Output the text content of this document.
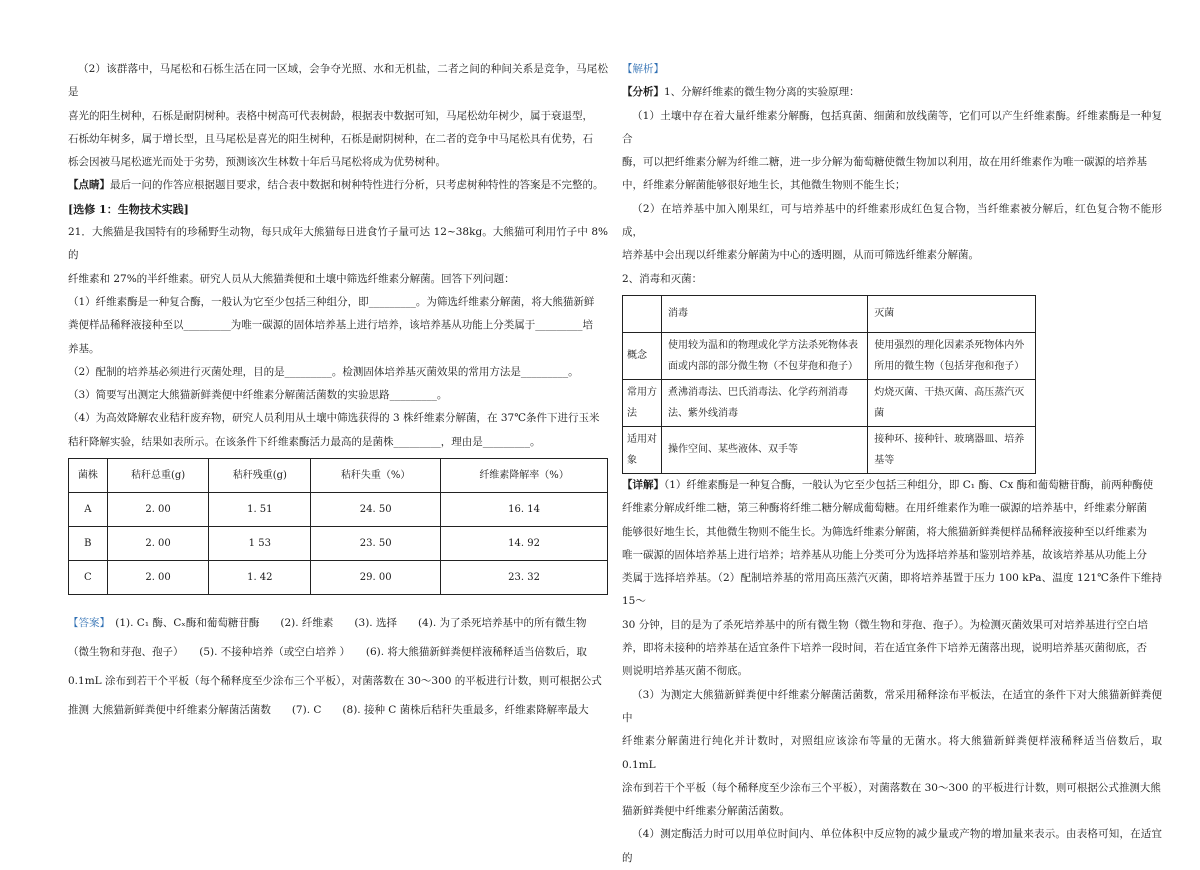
（2）该群落中，马尾松和石栎生活在同一区域，会争夺光照、水和无机盐，二者之间的种间关系是竞争，马尾松是

喜光的阳生树种，石栎是耐阴树种。表格中树高可代表树龄，根据表中数据可知，马尾松幼年树少，属于衰退型，

石栎幼年树多，属于增长型，且马尾松是喜光的阳生树种，石栎是耐阴树种，在二者的竞争中马尾松具有优势，石

栎会因被马尾松遮光而处于劣势，预测该次生林数十年后马尾松将成为优势树种。

【点睛】最后一问的作答应根据题目要求，结合表中数据和树种特性进行分析，只考虑树种特性的答案是不完整的。

[选修 1：生物技术实践]

21．大熊猫是我国特有的珍稀野生动物，每只成年大熊猫每日进食竹子量可达 12~38kg。大熊猫可利用竹子中 8%的

纤维素和 27%的半纤维素。研究人员从大熊猫粪便和土壤中筛选纤维素分解菌。回答下列问题：

（1）纤维素酶是一种复合酶，一般认为它至少包括三种组分，即_________。为筛选纤维素分解菌，将大熊猫新鲜

粪便样品稀释液接种至以_________为唯一碳源的固体培养基上进行培养，该培养基从功能上分类属于_________培

养基。

（2）配制的培养基必须进行灭菌处理，目的是_________。检测固体培养基灭菌效果的常用方法是_________。

（3）简要写出测定大熊猫新鲜粪便中纤维素分解菌活菌数的实验思路_________。

（4）为高效降解农业秸秆废弃物，研究人员利用从土壤中筛选获得的 3 株纤维素分解菌，在 37℃条件下进行玉米

秸秆降解实验，结果如表所示。在该条件下纤维素酶活力最高的是菌株_________，理由是_________。

菌株	秸秆总重(g)	秸秆残重(g)	秸秆失重（%）	纤维素降解率（%）
A	2. 00	1. 51	24. 50	16. 14
B	2. 00	1 53	23. 50	14. 92
C	2. 00	1. 42	29. 00	23. 32

【答案】　(1). C₁ 酶、Cₓ酶和葡萄糖苷酶　　(2). 纤维素　　(3). 选择　　(4). 为了杀死培养基中的所有微生物

（微生物和芽孢、孢子）　　(5). 不接种培养（或空白培养 ）　　(6). 将大熊猫新鲜粪便样液稀释适当倍数后，取

0.1mL 涂布到若干个平板（每个稀释度至少涂布三个平板），对菌落数在 30～300 的平板进行计数，则可根据公式

推测 大熊猫新鲜粪便中纤维素分解菌活菌数　　(7). C　　(8). 接种 C 菌株后秸秆失重最多，纤维素降解率最大

【解析】

【分析】1、分解纤维素的微生物分离的实验原理：

（1）土壤中存在着大量纤维素分解酶，包括真菌、细菌和放线菌等，它们可以产生纤维素酶。纤维素酶是一种复合

酶，可以把纤维素分解为纤维二糖，进一步分解为葡萄糖使微生物加以利用，故在用纤维素作为唯一碳源的培养基

中，纤维素分解菌能够很好地生长，其他微生物则不能生长；

（2）在培养基中加入刚果红，可与培养基中的纤维素形成红色复合物，当纤维素被分解后，红色复合物不能形成，

培养基中会出现以纤维素分解菌为中心的透明圈，从而可筛选纤维素分解菌。

2、消毒和灭菌：

	消毒	灭菌
概念	使用较为温和的物理或化学方法杀死物体表面或内部的部分微生物（不包芽孢和孢子）	使用强烈的理化因素杀死物体内外所用的微生物（包括芽孢和孢子）
常用方法	煮沸消毒法、巴氏消毒法、化学药剂消毒法、紫外线消毒	灼烧灭菌、干热灭菌、高压蒸汽灭菌
适用对象	操作空间、某些液体、双手等	接种环、接种针、玻璃器皿、培养基等

【详解】（1）纤维素酶是一种复合酶，一般认为它至少包括三种组分，即 C₁ 酶、Cx 酶和葡萄糖苷酶，前两种酶使

纤维素分解成纤维二糖，第三种酶将纤维二糖分解成葡萄糖。在用纤维素作为唯一碳源的培养基中，纤维素分解菌

能够很好地生长，其他微生物则不能生长。为筛选纤维素分解菌，将大熊猫新鲜粪便样品稀释液接种至以纤维素为

唯一碳源的固体培养基上进行培养；培养基从功能上分类可分为选择培养基和鉴别培养基，故该培养基从功能上分

类属于选择培养基。（2）配制培养基的常用高压蒸汽灭菌，即将培养基置于压力 100 kPa、温度 121℃条件下维持 15～

30 分钟，目的是为了杀死培养基中的所有微生物（微生物和芽孢、孢子）。为检测灭菌效果可对培养基进行空白培

养，即将未接种的培养基在适宜条件下培养一段时间，若在适宜条件下培养无菌落出现，说明培养基灭菌彻底，否

则说明培养基灭菌不彻底。

（3）为测定大熊猫新鲜粪便中纤维素分解菌活菌数，常采用稀释涂布平板法，在适宜的条件下对大熊猫新鲜粪便中

纤维素分解菌进行纯化并计数时，对照组应该涂布等量的无菌水。将大熊猫新鲜粪便样液稀释适当倍数后，取 0.1mL

涂布到若干个平板（每个稀释度至少涂布三个平板），对菌落数在 30～300 的平板进行计数，则可根据公式推测大熊

猫新鲜粪便中纤维素分解菌活菌数。

（4）测定酶活力时可以用单位时间内、单位体积中反应物的减少量或产物的增加量来表示。由表格可知，在适宜的
